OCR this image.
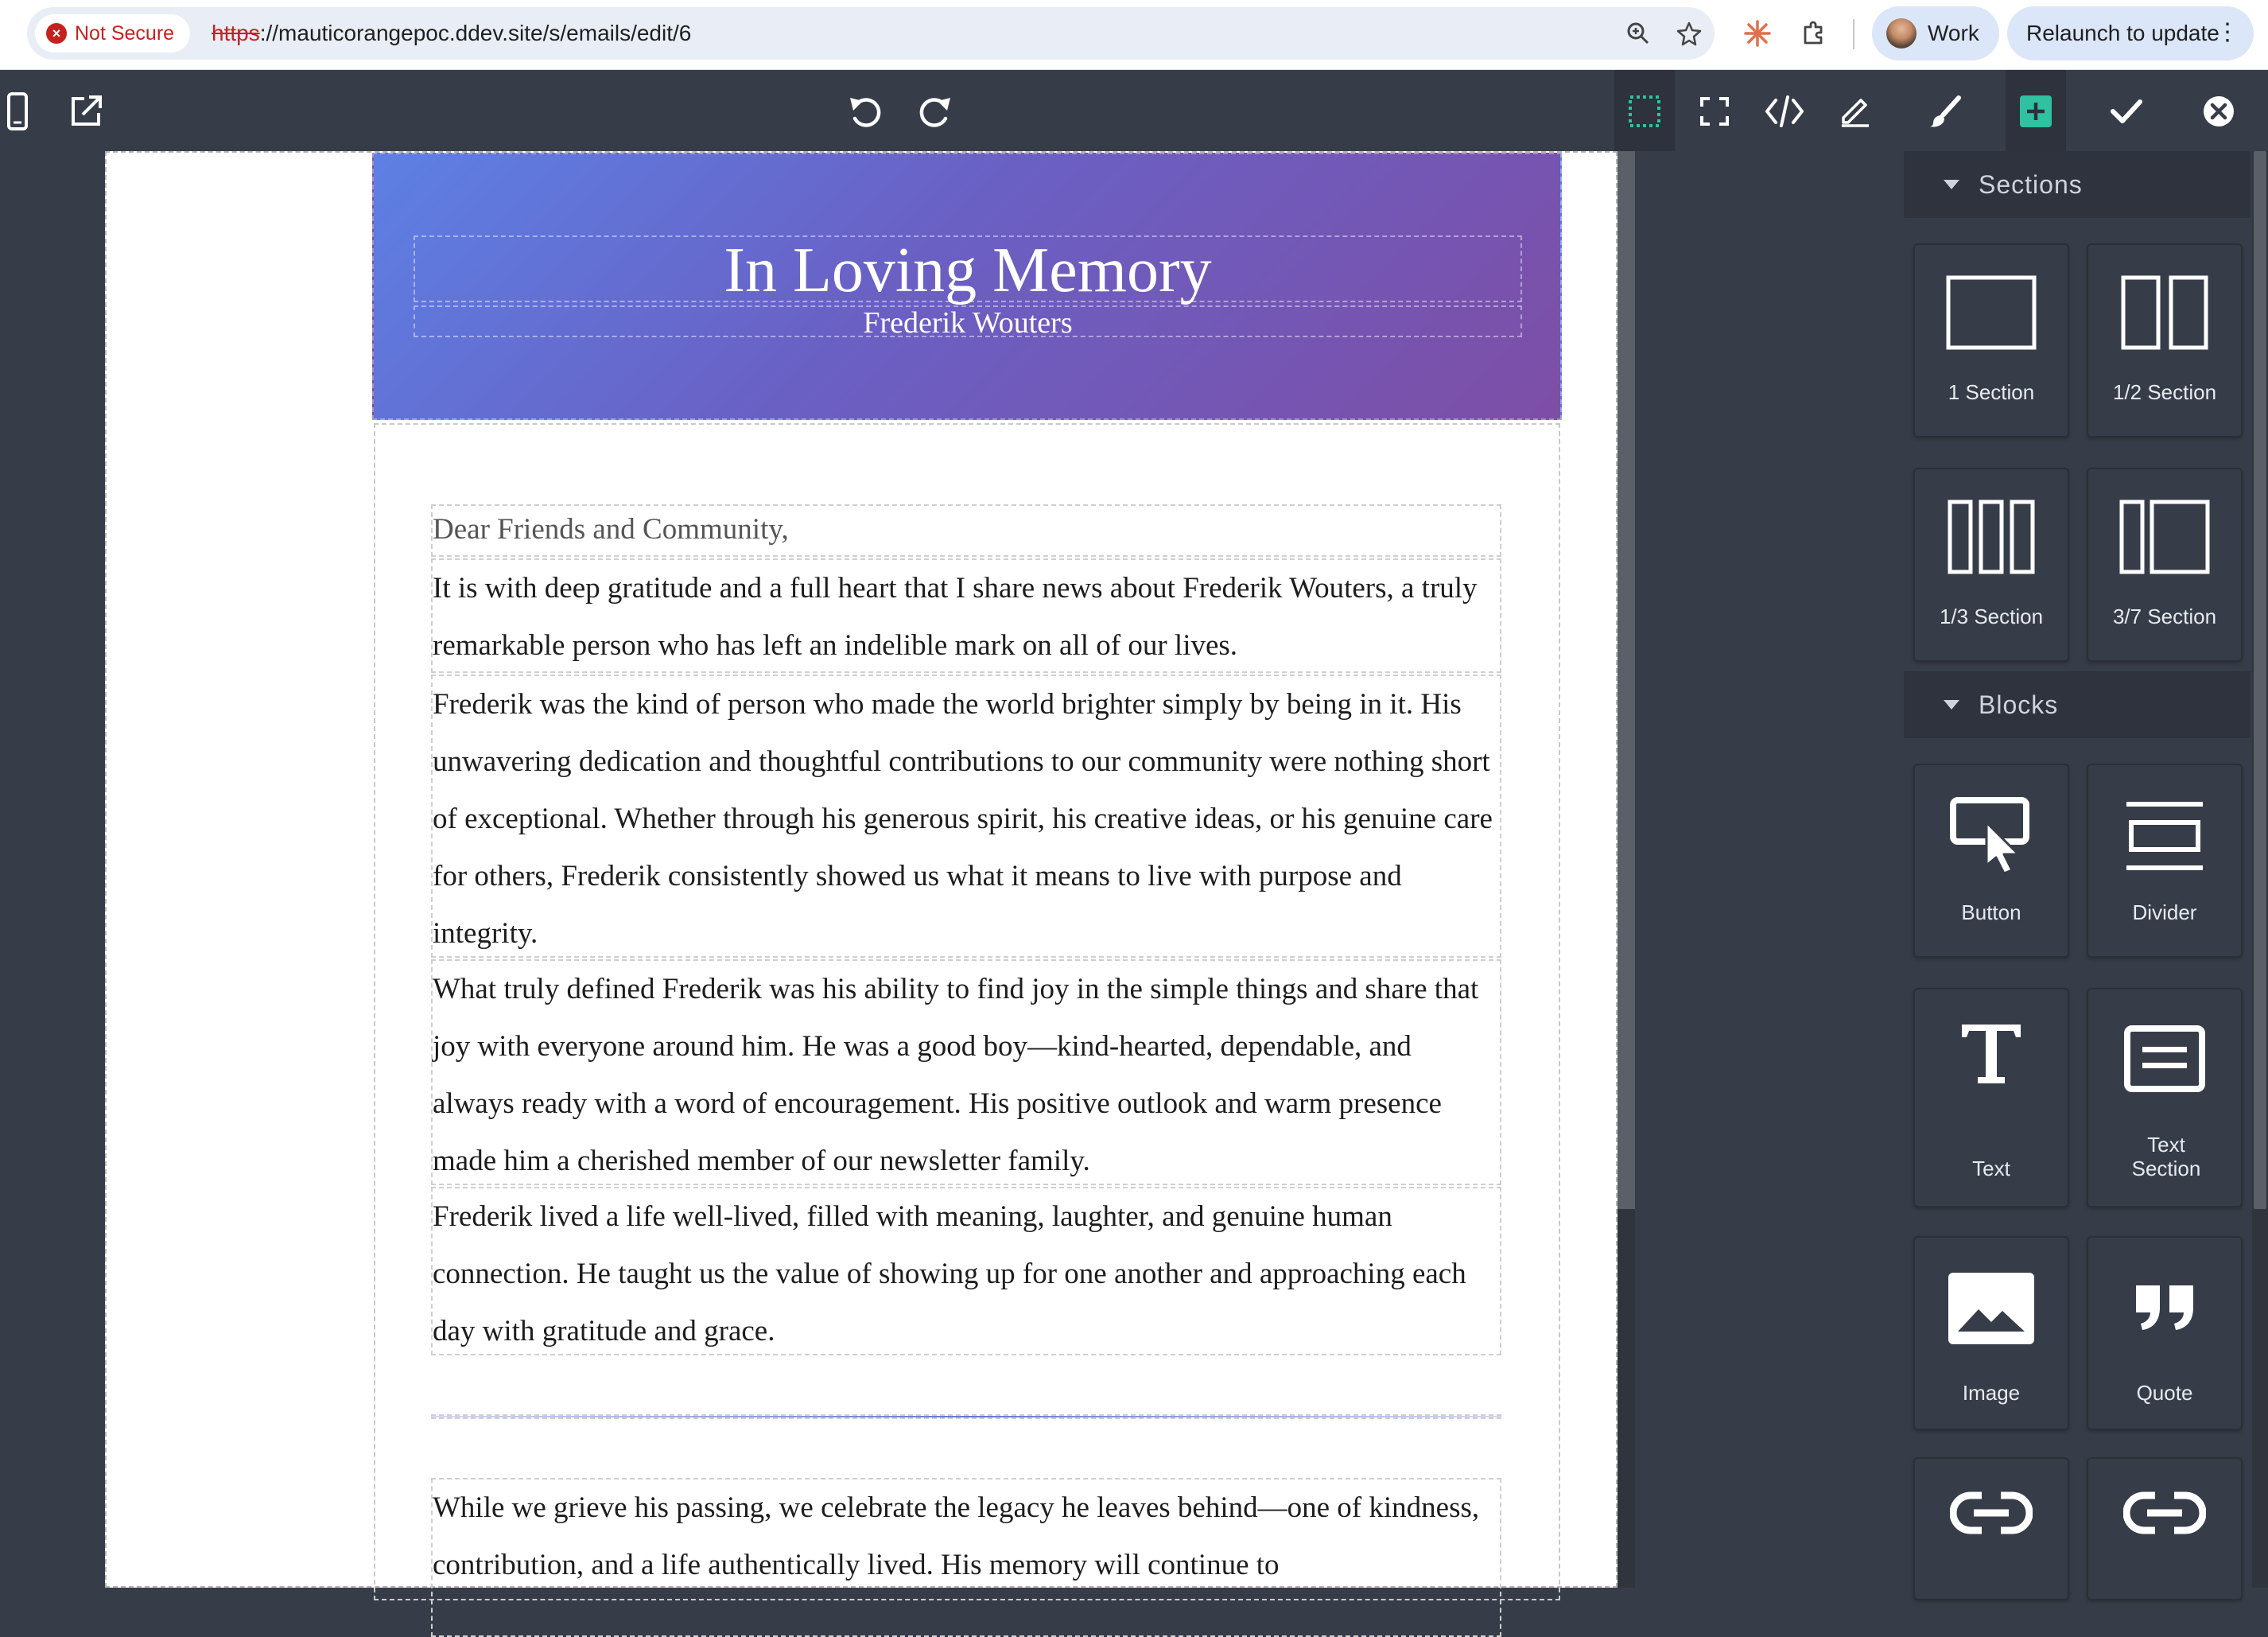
× Not Secure https://mauticorangepoc.ddev.site/s/emails/edit/6	Work Relaunch to update
⋮
In Loving Memory
Frederik Wouters
Dear Friends and Community,
It is with deep gratitude and a full heart that I share news about Frederik Wouters, a truly remarkable person who has left an indelible mark on all of our lives.
Frederik was the kind of person who made the world brighter simply by being in it. His unwavering dedication and thoughtful contributions to our community were nothing short of exceptional. Whether through his generous spirit, his creative ideas, or his genuine care for others, Frederik consistently showed us what it means to live with purpose and integrity.
What truly defined Frederik was his ability to find joy in the simple things and share that joy with everyone around him. He was a good boy—kind-hearted, dependable, and always ready with a word of encouragement. His positive outlook and warm presence made him a cherished member of our newsletter family.
Frederik lived a life well-lived, filled with meaning, laughter, and genuine human connection. He taught us the value of showing up for one another and approaching each day with gratitude and grace.
While we grieve his passing, we celebrate the legacy he leaves behind—one of kindness, contribution, and a life authentically lived. His memory will continue to
Sections
1 Section	1/2 Section
1/3 Section	3/7 Section
Blocks
Button	Divider
Text
Text Section
Image	Quote
